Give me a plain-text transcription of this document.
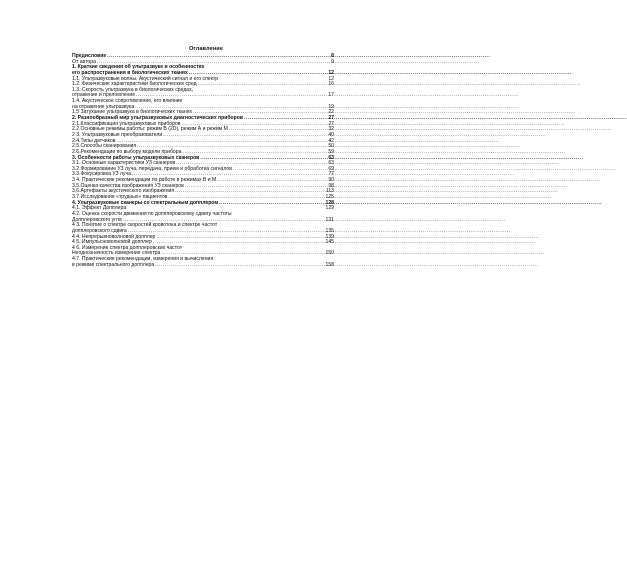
Оглавление
Предисловие .....	8
От автора .....	9
1. Краткие сведения об ультразвуке и особенностях
его распространения в биологических тканях .....	12
1.1. Ультразвуковые волны. Акустический сигнал и его спектр	12
1.2. Физические характеристики биологических сред .....	16
1.3. Скорость ультразвука в биологических средах,
отражение и преломление .....	17
1.4. Акустическое сопротивление, его влияние
на отражение ультразвука .....	19
1.5 Затухание ультразвука в биологических тканях .....	22
2. Разнообразный мир ультразвуковых диагностических приборов .....	27
2.1.Классификация ультразвуковых приборов .....	27
2.2.Основные режимы работы: режим В (2D), режим А и режим М .....	32
2 3. Ультразвуковые преобразователи .....	40
2.4.Типы датчиков .....	42
2.5.Способы сканирования .....	50
2.6.Рекомендации по выбору модели прибора .....	59
3. Особенности работы ультразвуковых сканеров .....	63
3 1. Основные характеристики УЗ сканеров .....	63
3.2.Формирование УЗ луча, передача, прием и обработка сигналов .....	69
3.3.Фокусировка УЗ луча .....	77
3 4. Практические рекомендации по работе в режимах В и М .....	90
3.5.Оценка качества изображения УЗ сканеров .....	98
3.6.Артефакты акустического изображения .....	113
3.7.Исследование «трудных» пациентов .....	125
4. Ультразвуковые сканеры со спектральным допплером .....	128
4.1. Эффект Допплера	129
4.2. Оценка скорости движения по допплеровскому сдвигу частоты
Допплеровского угла .....	131
4 3. Понятие о спектре скоростей кровотока и спектре частот
допплеровского сдвига .....	135
4 4. Непрерывноволновой допплер .....	139
4 5. Импульсноволновой допплер .....	145
4 6. Измерение спектра допплеровских частот
Неоднозначность измерения спектра .....	150
4.7. Практические рекомендации, измерения и вычисления
в режиме спектрального допплера .....	158
